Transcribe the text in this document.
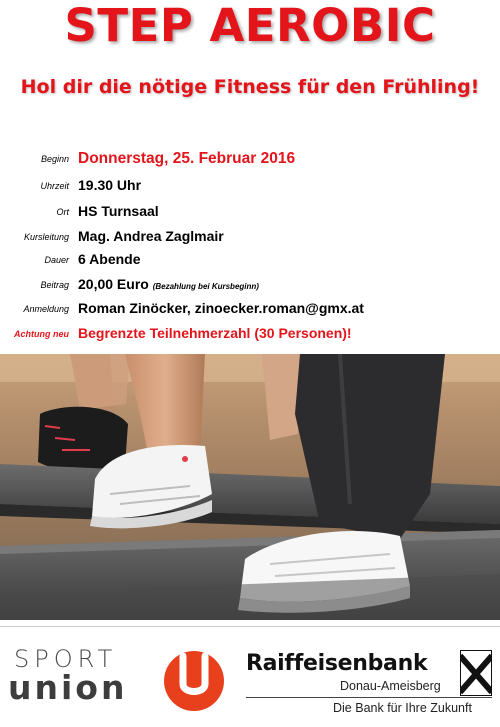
STEP AEROBIC
Hol dir die nötige Fitness für den Frühling!
Beginn Donnerstag, 25. Februar 2016
Uhrzeit 19.30 Uhr
Ort HS Turnsaal
Kursleitung Mag. Andrea Zaglmair
Dauer 6 Abende
Beitrag 20,00 Euro (Bezahlung bei Kursbeginn)
Anmeldung Roman Zinöcker, zinoecker.roman@gmx.at
Achtung neu Begrenzte Teilnehmerzahl (30 Personen)!
SPORT
union
Raiffeisenbank
Donau-Ameisberg
Die Bank für Ihre Zukunft
